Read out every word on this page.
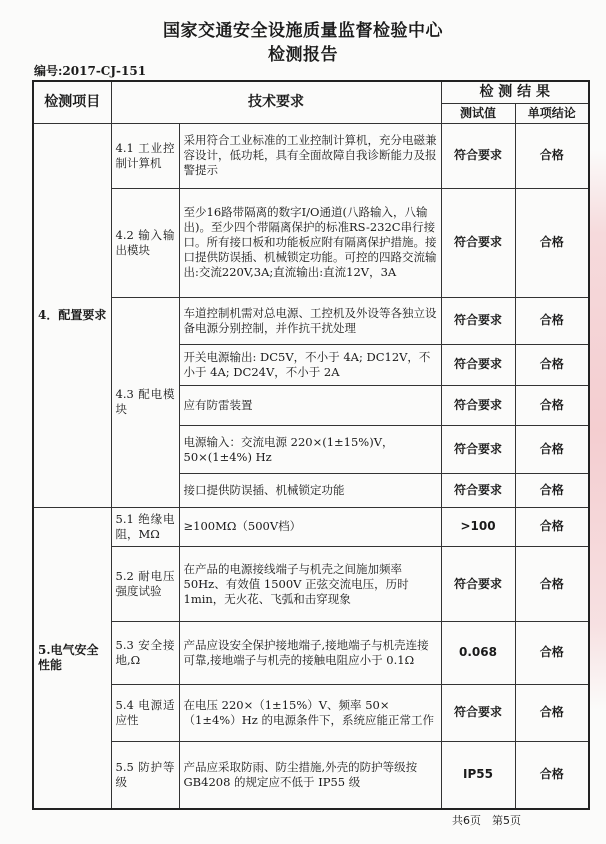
国家交通安全设施质量监督检验中心
检测报告
编号:2017-CJ-151
检测项目	技术要求		检 测 结 果	
			测试值	单项结论
4．配置要求	4.1 工业控制计算机	采用符合工业标准的工业控制计算机，充分电磁兼容设计，低功耗，具有全面故障自我诊断能力及报警提示	符合要求	合格
	4.2 输入输出模块	至少16路带隔离的数字I/O通道(八路输入，八输出)。至少四个带隔离保护的标准RS-232C串行接口。所有接口板和功能板应附有隔离保护措施。接口提供防误插、机械锁定功能。可控的四路交流输出:交流220V,3A;直流输出:直流12V，3A	符合要求	合格
	4.3 配电模块	车道控制机需对总电源、工控机及外设等各独立设备电源分别控制，并作抗干扰处理	符合要求	合格
		开关电源输出: DC5V，不小于 4A; DC12V，不小于 4A; DC24V，不小于 2A	符合要求	合格
		应有防雷装置	符合要求	合格
		电源输入：交流电源 220×(1±15%)V，50×(1±4%) Hz	符合要求	合格
		接口提供防误插、机械锁定功能	符合要求	合格
5.电气安全性能	5.1 绝缘电阻，MΩ	≥100MΩ（500V档）	>100	合格
	5.2 耐电压强度试验	在产品的电源接线端子与机壳之间施加频率 50Hz、有效值 1500V 正弦交流电压，历时 1min，无火花、飞弧和击穿现象	符合要求	合格
	5.3 安全接地,Ω	产品应设安全保护接地端子,接地端子与机壳连接可靠,接地端子与机壳的接触电阻应小于 0.1Ω	0.068	合格
	5.4 电源适应性	在电压 220×（1±15%）V、频率 50×（1±4%）Hz 的电源条件下，系统应能正常工作	符合要求	合格
	5.5 防护等级	产品应采取防雨、防尘措施,外壳的防护等级按 GB4208 的规定应不低于 IP55 级	IP55	合格
共6页　第5页
